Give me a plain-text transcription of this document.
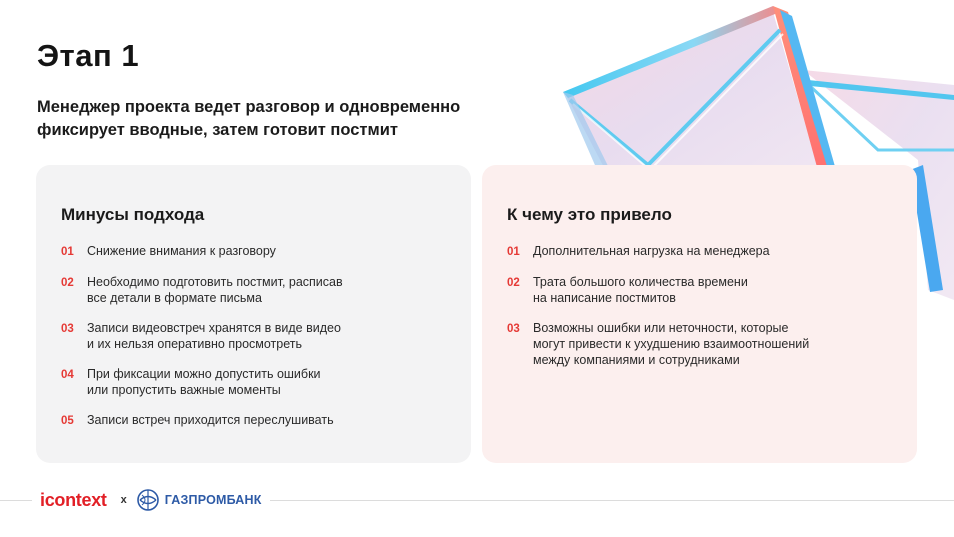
Этап 1
Менеджер проекта ведет разговор и одновременно фиксирует вводные, затем готовит постмит
Минусы подхода
01	Снижение внимания к разговору
02	Необходимо подготовить постмит, расписав
все детали в формате письма
03	Записи видеовстреч хранятся в виде видео
и их нельзя оперативно просмотреть
04	При фиксации можно допустить ошибки
или пропустить важные моменты
05	Записи встреч приходится переслушивать
К чему это привело
01	Дополнительная нагрузка на менеджера
02	Трата большого количества времени
на написание постмитов
03	Возможны ошибки или неточности, которые
могут привести к ухудшению взаимоотношений
между компаниями и сотрудниками
icontext x	ГАЗПРОМБАНК
